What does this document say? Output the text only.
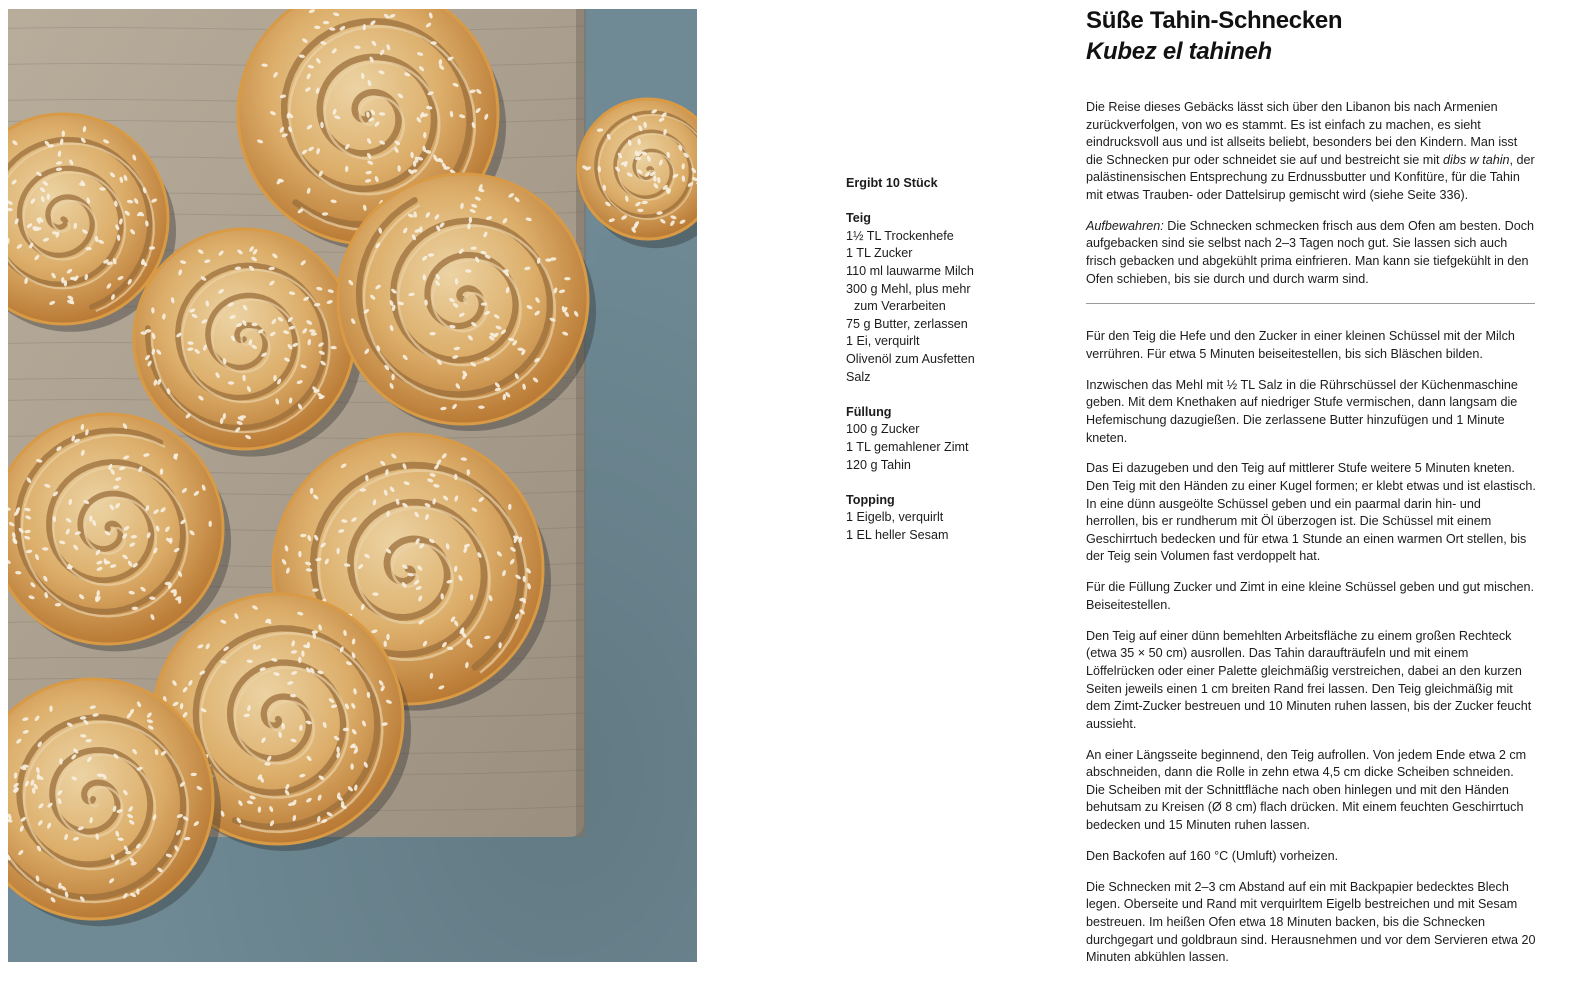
Ergibt 10 Stück
Teig
1½ TL Trockenhefe
1 TL Zucker
110 ml lauwarme Milch
300 g Mehl, plus mehr
zum Verarbeiten
75 g Butter, zerlassen
1 Ei, verquirlt
Olivenöl zum Ausfetten
Salz
Füllung
100 g Zucker
1 TL gemahlener Zimt
120 g Tahin
Topping
1 Eigelb, verquirlt
1 EL heller Sesam
Süße Tahin-Schnecken
Kubez el tahineh

Die Reise dieses Gebäcks lässt sich über den Libanon bis nach Armenien zurückverfolgen, von wo es stammt. Es ist einfach zu machen, es sieht eindrucksvoll aus und ist allseits beliebt, besonders bei den Kindern. Man isst die Schnecken pur oder schneidet sie auf und bestreicht sie mit dibs w tahin, der palästinensischen Entsprechung zu Erdnussbutter und Konfitüre, für die Tahin mit etwas Trauben- oder Dattelsirup gemischt wird (siehe Seite 336).

Aufbewahren: Die Schnecken schmecken frisch aus dem Ofen am besten. Doch aufgebacken sind sie selbst nach 2–3 Tagen noch gut. Sie lassen sich auch frisch gebacken und abgekühlt prima einfrieren. Man kann sie tiefgekühlt in den Ofen schieben, bis sie durch und durch warm sind.

Für den Teig die Hefe und den Zucker in einer kleinen Schüssel mit der Milch verrühren. Für etwa 5 Minuten beiseitestellen, bis sich Bläschen bilden.

Inzwischen das Mehl mit ½ TL Salz in die Rührschüssel der Küchenmaschine geben. Mit dem Knethaken auf niedriger Stufe vermischen, dann langsam die Hefemischung dazugießen. Die zerlassene Butter hinzufügen und 1 Minute kneten.

Das Ei dazugeben und den Teig auf mittlerer Stufe weitere 5 Minuten kneten. Den Teig mit den Händen zu einer Kugel formen; er klebt etwas und ist elastisch. In eine dünn ausgeölte Schüssel geben und ein paarmal darin hin- und herrollen, bis er rundherum mit Öl überzogen ist. Die Schüssel mit einem Geschirrtuch bedecken und für etwa 1 Stunde an einen warmen Ort stellen, bis der Teig sein Volumen fast verdoppelt hat.

Für die Füllung Zucker und Zimt in eine kleine Schüssel geben und gut mischen. Beiseitestellen.

Den Teig auf einer dünn bemehlten Arbeitsfläche zu einem großen Rechteck (etwa 35 × 50 cm) ausrollen. Das Tahin daraufträufeln und mit einem Löffelrücken oder einer Palette gleichmäßig verstreichen, dabei an den kurzen Seiten jeweils einen 1 cm breiten Rand frei lassen. Den Teig gleichmäßig mit dem Zimt-Zucker bestreuen und 10 Minuten ruhen lassen, bis der Zucker feucht aussieht.

An einer Längsseite beginnend, den Teig aufrollen. Von jedem Ende etwa 2 cm abschneiden, dann die Rolle in zehn etwa 4,5 cm dicke Scheiben schneiden. Die Scheiben mit der Schnittfläche nach oben hinlegen und mit den Händen behutsam zu Kreisen (Ø 8 cm) flach drücken. Mit einem feuchten Geschirrtuch bedecken und 15 Minuten ruhen lassen.

Den Backofen auf 160 °C (Umluft) vorheizen.

Die Schnecken mit 2–3 cm Abstand auf ein mit Backpapier bedecktes Blech legen. Oberseite und Rand mit verquirltem Eigelb bestreichen und mit Sesam bestreuen. Im heißen Ofen etwa 18 Minuten backen, bis die Schnecken durchgegart und goldbraun sind. Herausnehmen und vor dem Servieren etwa 20 Minuten abkühlen lassen.
